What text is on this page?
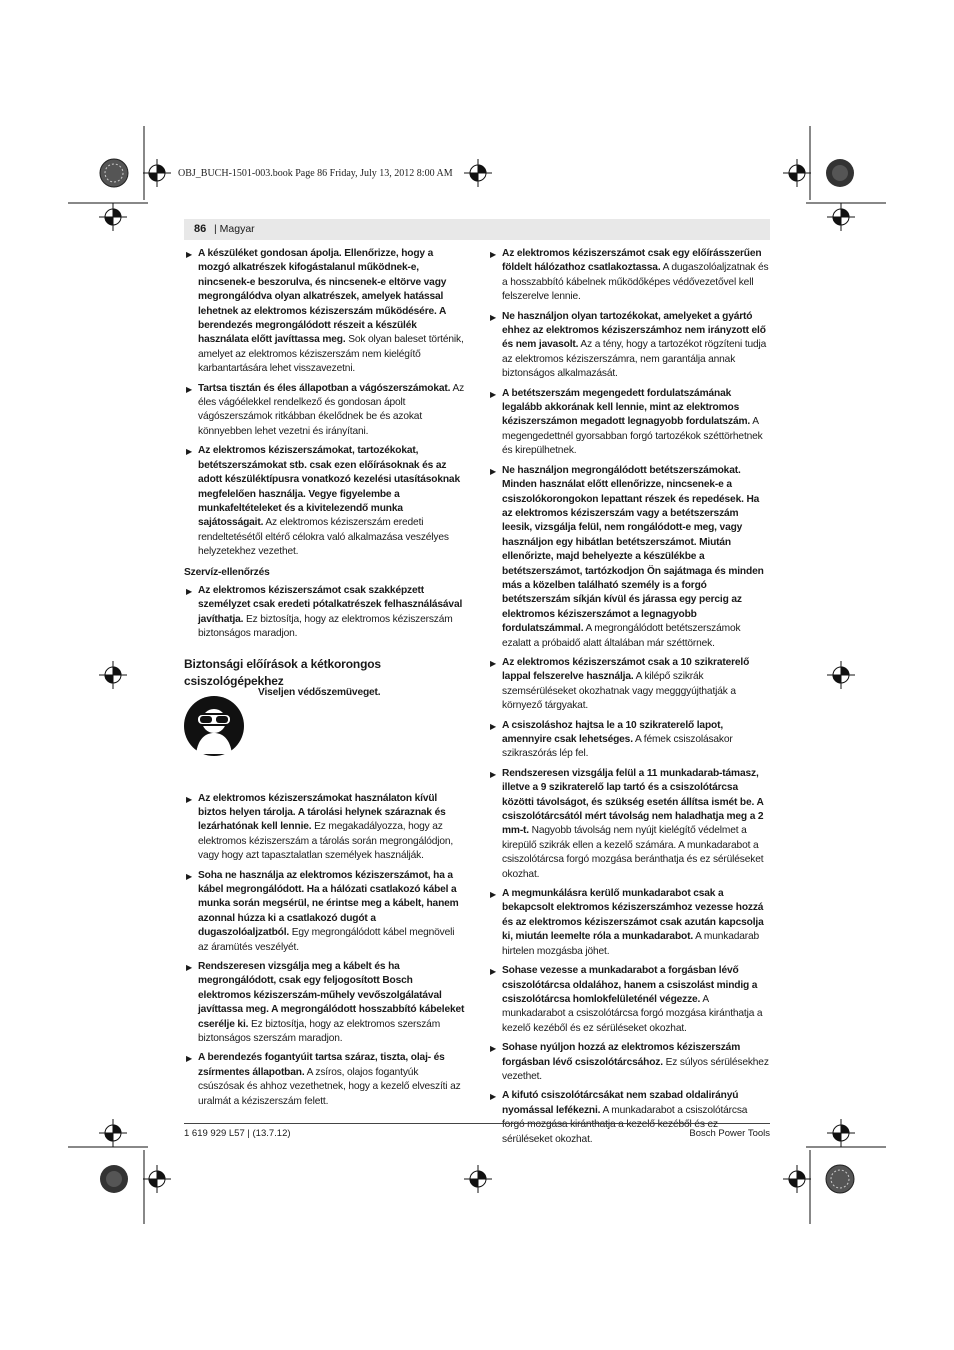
OBJ_BUCH-1501-003.book Page 86 Friday, July 13, 2012 8:00 AM
86 | Magyar
▶ A készüléket gondosan ápolja. Ellenőrizze, hogy a mozgó alkatrészek kifogástalanul működnek-e, nincsenek-e beszorulva, és nincsenek-e eltörve vagy megrongálódva olyan alkatrészek, amelyek hatással lehetnek az elektromos kéziszerszám működésére. A berendezés megrongálódott részeit a készülék használata előtt javíttassa meg. Sok olyan baleset történik, amelyet az elektromos kéziszerszám nem kielégítő karbantartására lehet visszavezetni.
▶ Tartsa tisztán és éles állapotban a vágószerszámokat. Az éles vágóélekkel rendelkező és gondosan ápolt vágószerszámok ritkábban ékelődnek be és azokat könnyebben lehet vezetni és irányítani.
▶ Az elektromos kéziszerszámokat, tartozékokat, betétszerszámokat stb. csak ezen előírásoknak és az adott készüléktípusra vonatkozó kezelési utasításoknak megfelelően használja. Vegye figyelembe a munkafeltételeket és a kivitelezendő munka sajátosságait. Az elektromos kéziszerszám eredeti rendeltetésétől eltérő célokra való alkalmazása veszélyes helyzetekhez vezethet.
Szervíz-ellenőrzés
▶ Az elektromos kéziszerszámot csak szakképzett személyzet csak eredeti pótalkatrészek felhasználásával javíthatja. Ez biztosítja, hogy az elektromos kéziszerszám biztonságos maradjon.
Biztonsági előírások a kétkorongos csiszológépekhez
Viseljen védőszemüveget.
▶ Az elektromos kéziszerszámokat használaton kívül biztos helyen tárolja. A tárolási helynek száraznak és lezárhatónak kell lennie. Ez megakadályozza, hogy az elektromos kéziszerszám a tárolás során megrongálódjon, vagy hogy azt tapasztalatlan személyek használják.
▶ Soha ne használja az elektromos kéziszerszámot, ha a kábel megrongálódott. Ha a hálózati csatlakozó kábel a munka során megsérül, ne érintse meg a kábelt, hanem azonnal húzza ki a csatlakozó dugót a dugaszolóaljzatból. Egy megrongálódott kábel megnöveli az áramütés veszélyét.
▶ Rendszeresen vizsgálja meg a kábelt és ha megrongálódott, csak egy feljogosított Bosch elektromos kéziszerszám-műhely vevőszolgálatával javíttassa meg. A megrongálódott hosszabbító kábeleket cserélje ki. Ez biztosítja, hogy az elektromos szerszám biztonságos szerszám maradjon.
▶ A berendezés fogantyúit tartsa száraz, tiszta, olaj- és zsírmentes állapotban. A zsíros, olajos fogantyúk csúszósak és ahhoz vezethetnek, hogy a kezelő elveszíti az uralmát a kéziszerszám felett.
▶ Az elektromos kéziszerszámot csak egy előírásszerűen földelt hálózathoz csatlakoztassa. A dugaszolóaljzatnak és a hosszabbító kábelnek működőképes védővezetővel kell felszerelve lennie.
▶ Ne használjon olyan tartozékokat, amelyeket a gyártó ehhez az elektromos kéziszerszámhoz nem irányzott elő és nem javasolt. Az a tény, hogy a tartozékot rögzíteni tudja az elektromos kéziszerszámra, nem garantálja annak biztonságos alkalmazását.
▶ A betétszerszám megengedett fordulatszámának legalább akkorának kell lennie, mint az elektromos kéziszerszámon megadott legnagyobb fordulatszám. A megengedettnél gyorsabban forgó tartozékok széttörhetnek és kirepülhetnek.
▶ Ne használjon megrongálódott betétszerszámokat. Minden használat előtt ellenőrizze, nincsenek-e a csiszolókorongokon lepattant részek és repedések. Ha az elektromos kéziszerszám vagy a betétszerszám leesik, vizsgálja felül, nem rongálódott-e meg, vagy használjon egy hibátlan betétszerszámot. Miután ellenőrizte, majd behelyezte a készülékbe a betétszerszámot, tartózkodjon Ön sajátmaga és minden más a közelben található személy is a forgó betétszerszám síkján kívül és járassa egy percig az elektromos kéziszerszámot a legnagyobb fordulatszámmal. A megrongálódott betétszerszámok ezalatt a próbaidő alatt általában már széttörnek.
▶ Az elektromos kéziszerszámot csak a 10 szikraterelő lappal felszerelve használja. A kilépő szikrák szemsérüléseket okozhatnak vagy megggyújthatják a környező tárgyakat.
▶ A csiszoláshoz hajtsa le a 10 szikraterelő lapot, amennyire csak lehetséges. A fémek csiszolásakor szikraszórás lép fel.
▶ Rendszeresen vizsgálja felül a 11 munkadarab-támasz, illetve a 9 szikraterelő lap tartó és a csiszolótárcsa közötti távolságot, és szükség esetén állítsa ismét be. A csiszolótárcsától mért távolság nem haladhatja meg a 2 mm-t. Nagyobb távolság nem nyújt kielégítő védelmet a kirepülő szikrák ellen a kezelő számára. A munkadarabot a csiszolótárcsa forgó mozgása beránthatja és ez sérüléseket okozhat.
▶ A megmunkálásra kerülő munkadarabot csak a bekapcsolt elektromos kéziszerszámhoz vezesse hozzá és az elektromos kéziszerszámot csak azután kapcsolja ki, miután leemelte róla a munkadarabot. A munkadarab hirtelen mozgásba jöhet.
▶ Sohase vezesse a munkadarabot a forgásban lévő csiszolótárcsa oldalához, hanem a csiszolást mindig a csiszolótárcsa homlokfelületénél végezze. A munkadarabot a csiszolótárcsa forgó mozgása kiránthatja a kezelő kezéből és ez sérüléseket okozhat.
▶ Sohase nyúljon hozzá az elektromos kéziszerszám forgásban lévő csiszolótárcsához. Ez súlyos sérülésekhez vezethet.
▶ A kifutó csiszolótárcsákat nem szabad oldalirányú nyomással lefékezni. A munkadarabot a csiszolótárcsa forgó mozgása kiránthatja a kezelő kezéből és ez sérüléseket okozhat.
1 619 929 L57 | (13.7.12)	Bosch Power Tools
